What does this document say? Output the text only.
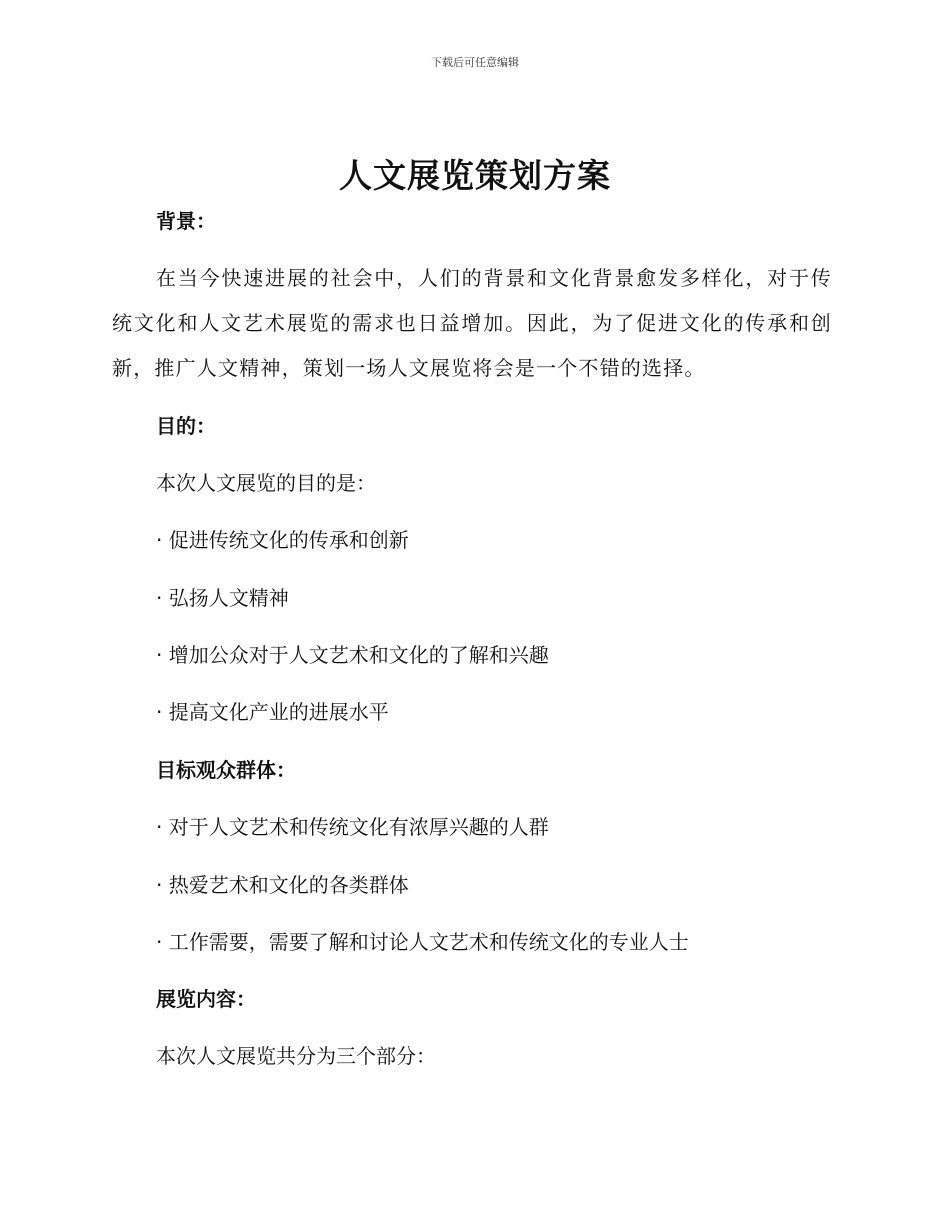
下载后可任意编辑
人文展览策划方案
背景：
在当今快速进展的社会中，人们的背景和文化背景愈发多样化，对于传统文化和人文艺术展览的需求也日益增加。因此，为了促进文化的传承和创新，推广人文精神，策划一场人文展览将会是一个不错的选择。
目的：
本次人文展览的目的是：
· 促进传统文化的传承和创新
· 弘扬人文精神
· 增加公众对于人文艺术和文化的了解和兴趣
· 提高文化产业的进展水平
目标观众群体：
· 对于人文艺术和传统文化有浓厚兴趣的人群
· 热爱艺术和文化的各类群体
· 工作需要，需要了解和讨论人文艺术和传统文化的专业人士
展览内容：
本次人文展览共分为三个部分：
